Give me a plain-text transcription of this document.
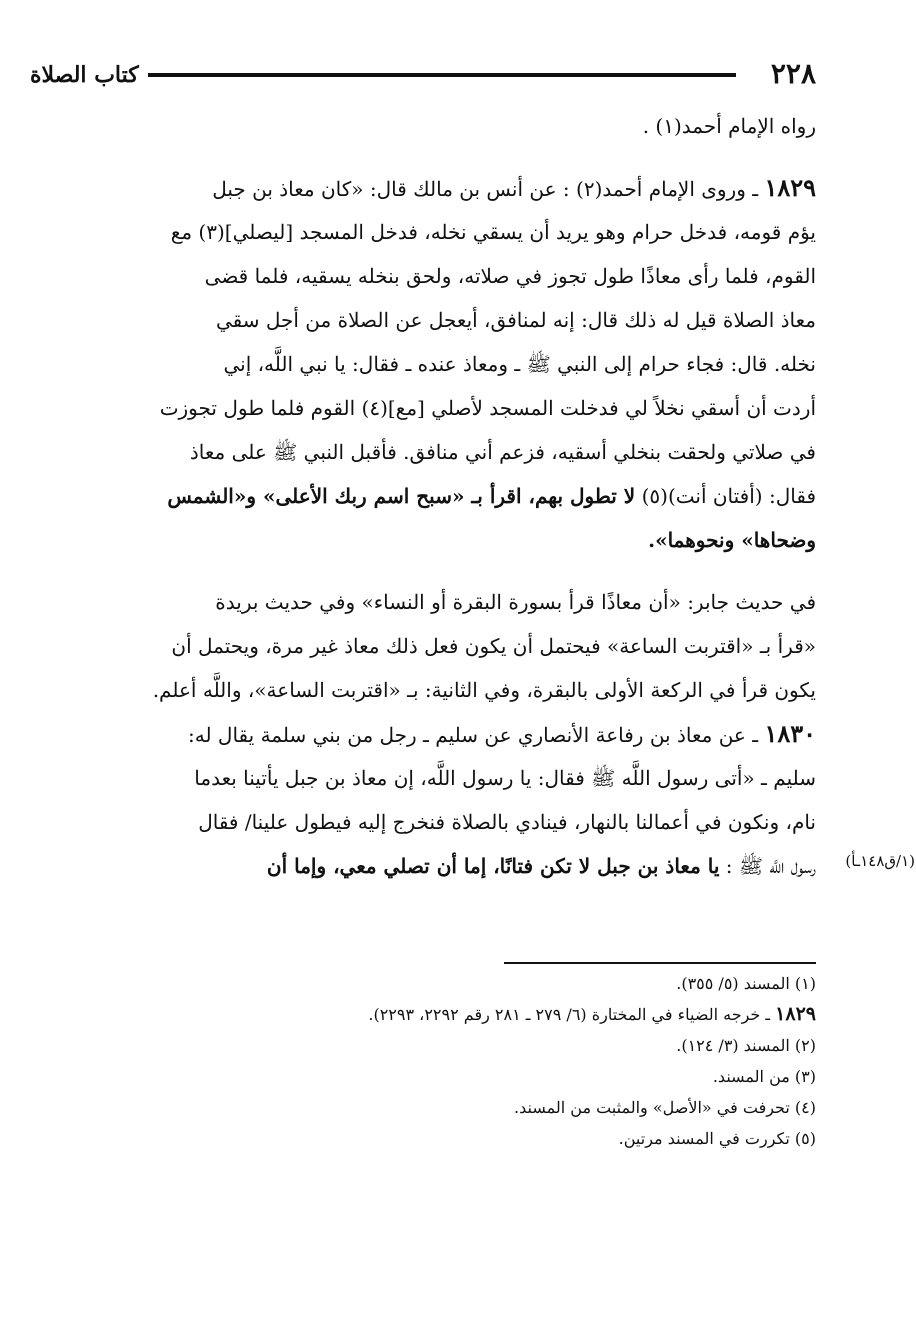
٢٢٨
كتاب الصلاة
رواه الإمام أحمد(١) .
١٨٢٩ ـ وروى الإمام أحمد(٢) : عن أنس بن مالك قال: «كان معاذ بن جبل
يؤم قومه، فدخل حرام وهو يريد أن يسقي نخله، فدخل المسجد [ليصلي](٣) مع
القوم، فلما رأى معاذًا طول تجوز في صلاته، ولحق بنخله يسقيه، فلما قضى
معاذ الصلاة قيل له ذلك قال: إنه لمنافق، أيعجل عن الصلاة من أجل سقي
نخله. قال: فجاء حرام إلى النبي ﷺ ـ ومعاذ عنده ـ فقال: يا نبي اللَّه، إني
أردت أن أسقي نخلاً لي فدخلت المسجد لأصلي [مع](٤) القوم فلما طول تجوزت
في صلاتي ولحقت بنخلي أسقيه، فزعم أني منافق. فأقبل النبي ﷺ على معاذ
فقال: (أفتان أنت)(٥) لا تطول بهم، اقرأ بـ «سبح اسم ربك الأعلى» و«الشمس
وضحاها» ونحوهما».
في حديث جابر: «أن معاذًا قرأ بسورة البقرة أو النساء» وفي حديث بريدة
«قرأ بـ «اقتربت الساعة» فيحتمل أن يكون فعل ذلك معاذ غير مرة، ويحتمل أن
يكون قرأ في الركعة الأولى بالبقرة، وفي الثانية: بـ «اقتربت الساعة»، واللَّه أعلم.
١٨٣٠ ـ عن معاذ بن رفاعة الأنصاري عن سليم ـ رجل من بني سلمة يقال له:
سليم ـ «أتى رسول اللَّه ﷺ فقال: يا رسول اللَّه، إن معاذ بن جبل يأتينا بعدما
نام، ونكون في أعمالنا بالنهار، فينادي بالصلاة فنخرج إليه فيطول علينا/ فقال
رسول اللَّه ﷺ : يا معاذ بن جبل لا تكن فتانًا، إما أن تصلي معي، وإما أن	(١/ق١٤٨ـأ)
(١) المسند (٥/ ٣٥٥).
١٨٢٩ ـ خرجه الضياء في المختارة (٦/ ٢٧٩ ـ ٢٨١ رقم ٢٢٩٢، ٢٢٩٣).
(٢) المسند (٣/ ١٢٤).
(٣) من المسند.
(٤) تحرفت في «الأصل» والمثبت من المسند.
(٥) تكررت في المسند مرتين.
